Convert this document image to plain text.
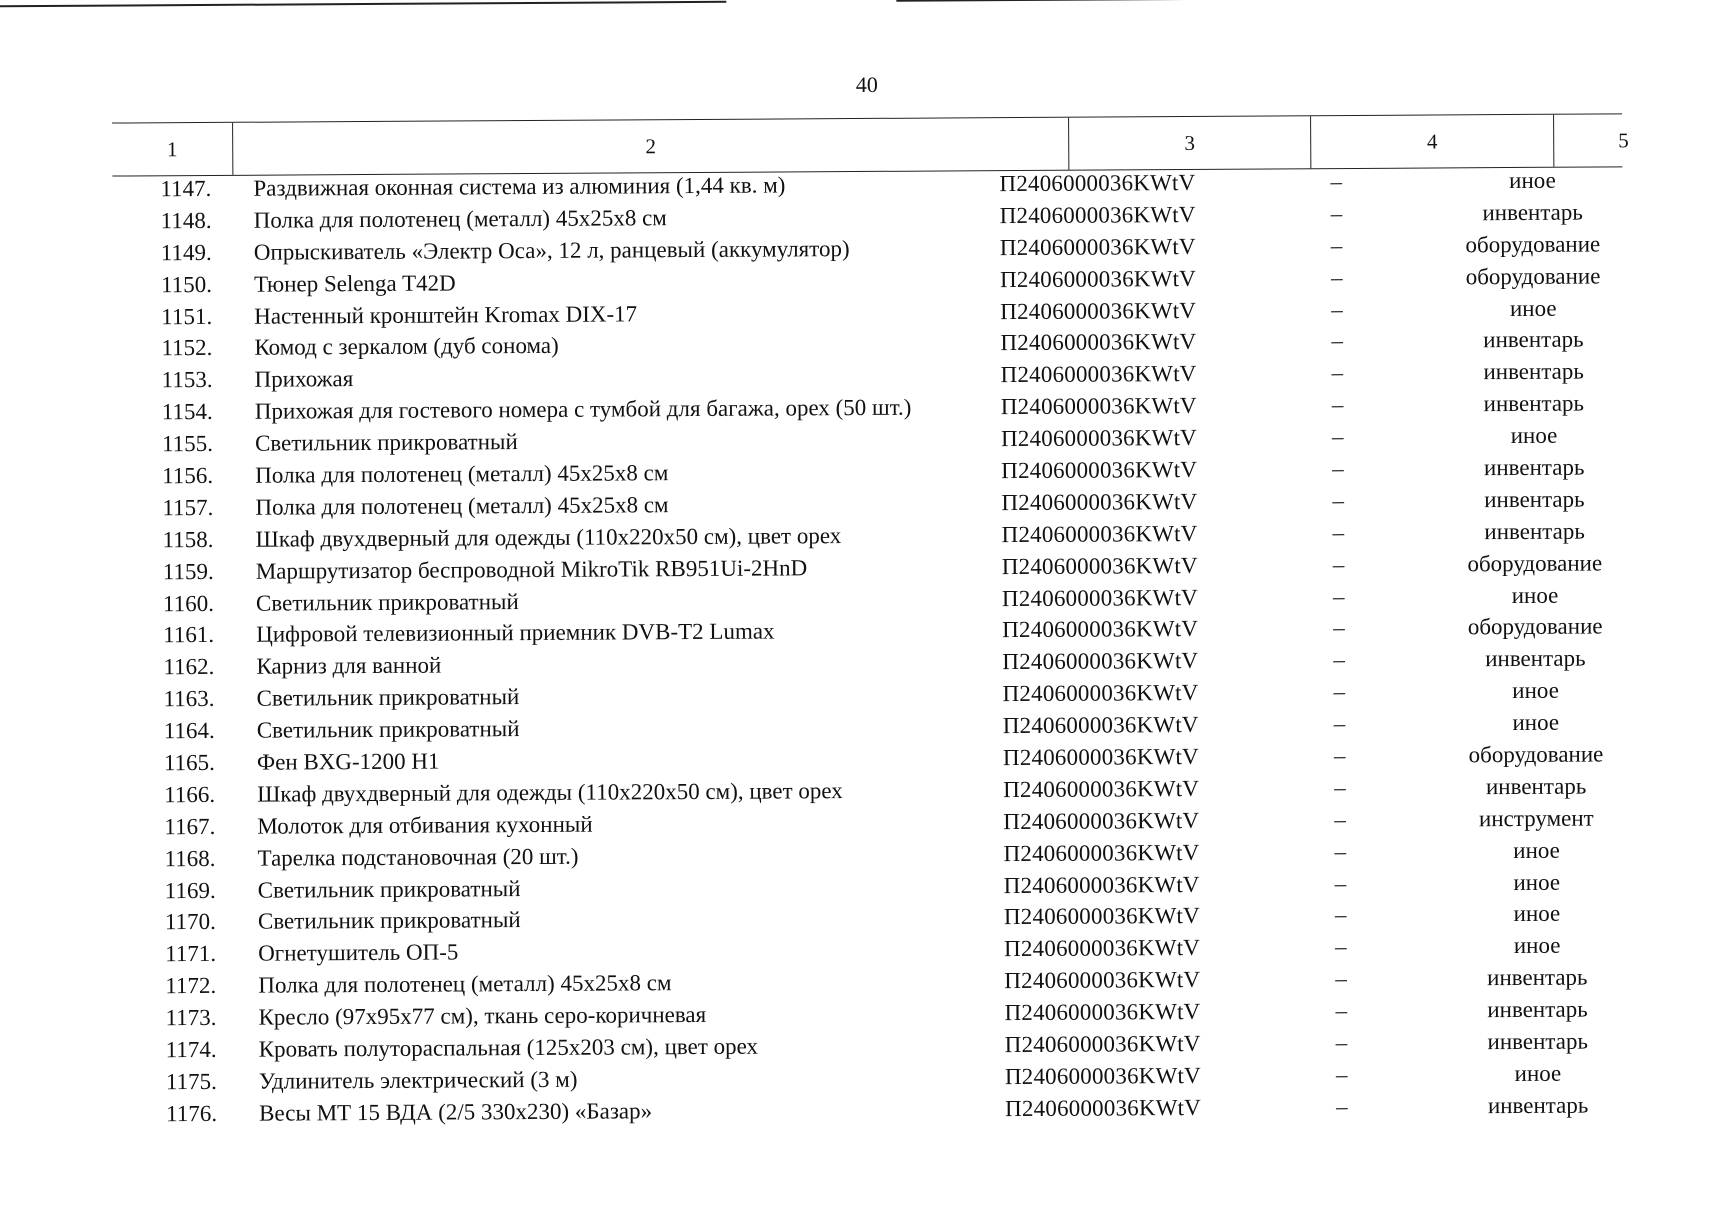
40
1	2	3	4	5
1147.	Раздвижная оконная система из алюминия (1,44 кв. м)	П2406000036KWtV	–	иное
1148.	Полка для полотенец (металл) 45x25x8 см	П2406000036KWtV	–	инвентарь
1149.	Опрыскиватель «Электр Оса», 12 л, ранцевый (аккумулятор)	П2406000036KWtV	–	оборудование
1150.	Тюнер Selenga T42D	П2406000036KWtV	–	оборудование
1151.	Настенный кронштейн Kromax DIX-17	П2406000036KWtV	–	иное
1152.	Комод с зеркалом (дуб сонома)	П2406000036KWtV	–	инвентарь
1153.	Прихожая	П2406000036KWtV	–	инвентарь
1154.	Прихожая для гостевого номера с тумбой для багажа, орех (50 шт.)	П2406000036KWtV	–	инвентарь
1155.	Светильник прикроватный	П2406000036KWtV	–	иное
1156.	Полка для полотенец (металл) 45x25x8 см	П2406000036KWtV	–	инвентарь
1157.	Полка для полотенец (металл) 45x25x8 см	П2406000036KWtV	–	инвентарь
1158.	Шкаф двухдверный для одежды (110x220x50 см), цвет орех	П2406000036KWtV	–	инвентарь
1159.	Маршрутизатор беспроводной MikroTik RB951Ui-2HnD	П2406000036KWtV	–	оборудование
1160.	Светильник прикроватный	П2406000036KWtV	–	иное
1161.	Цифровой телевизионный приемник DVB-T2 Lumax	П2406000036KWtV	–	оборудование
1162.	Карниз для ванной	П2406000036KWtV	–	инвентарь
1163.	Светильник прикроватный	П2406000036KWtV	–	иное
1164.	Светильник прикроватный	П2406000036KWtV	–	иное
1165.	Фен BXG-1200 H1	П2406000036KWtV	–	оборудование
1166.	Шкаф двухдверный для одежды (110x220x50 см), цвет орех	П2406000036KWtV	–	инвентарь
1167.	Молоток для отбивания кухонный	П2406000036KWtV	–	инструмент
1168.	Тарелка подстановочная (20 шт.)	П2406000036KWtV	–	иное
1169.	Светильник прикроватный	П2406000036KWtV	–	иное
1170.	Светильник прикроватный	П2406000036KWtV	–	иное
1171.	Огнетушитель ОП-5	П2406000036KWtV	–	иное
1172.	Полка для полотенец (металл) 45x25x8 см	П2406000036KWtV	–	инвентарь
1173.	Кресло (97x95x77 см), ткань серо-коричневая	П2406000036KWtV	–	инвентарь
1174.	Кровать полутораспальная (125x203 см), цвет орех	П2406000036KWtV	–	инвентарь
1175.	Удлинитель электрический (3 м)	П2406000036KWtV	–	иное
1176.	Весы МТ 15 ВДА (2/5 330x230) «Базар»	П2406000036KWtV	–	инвентарь
